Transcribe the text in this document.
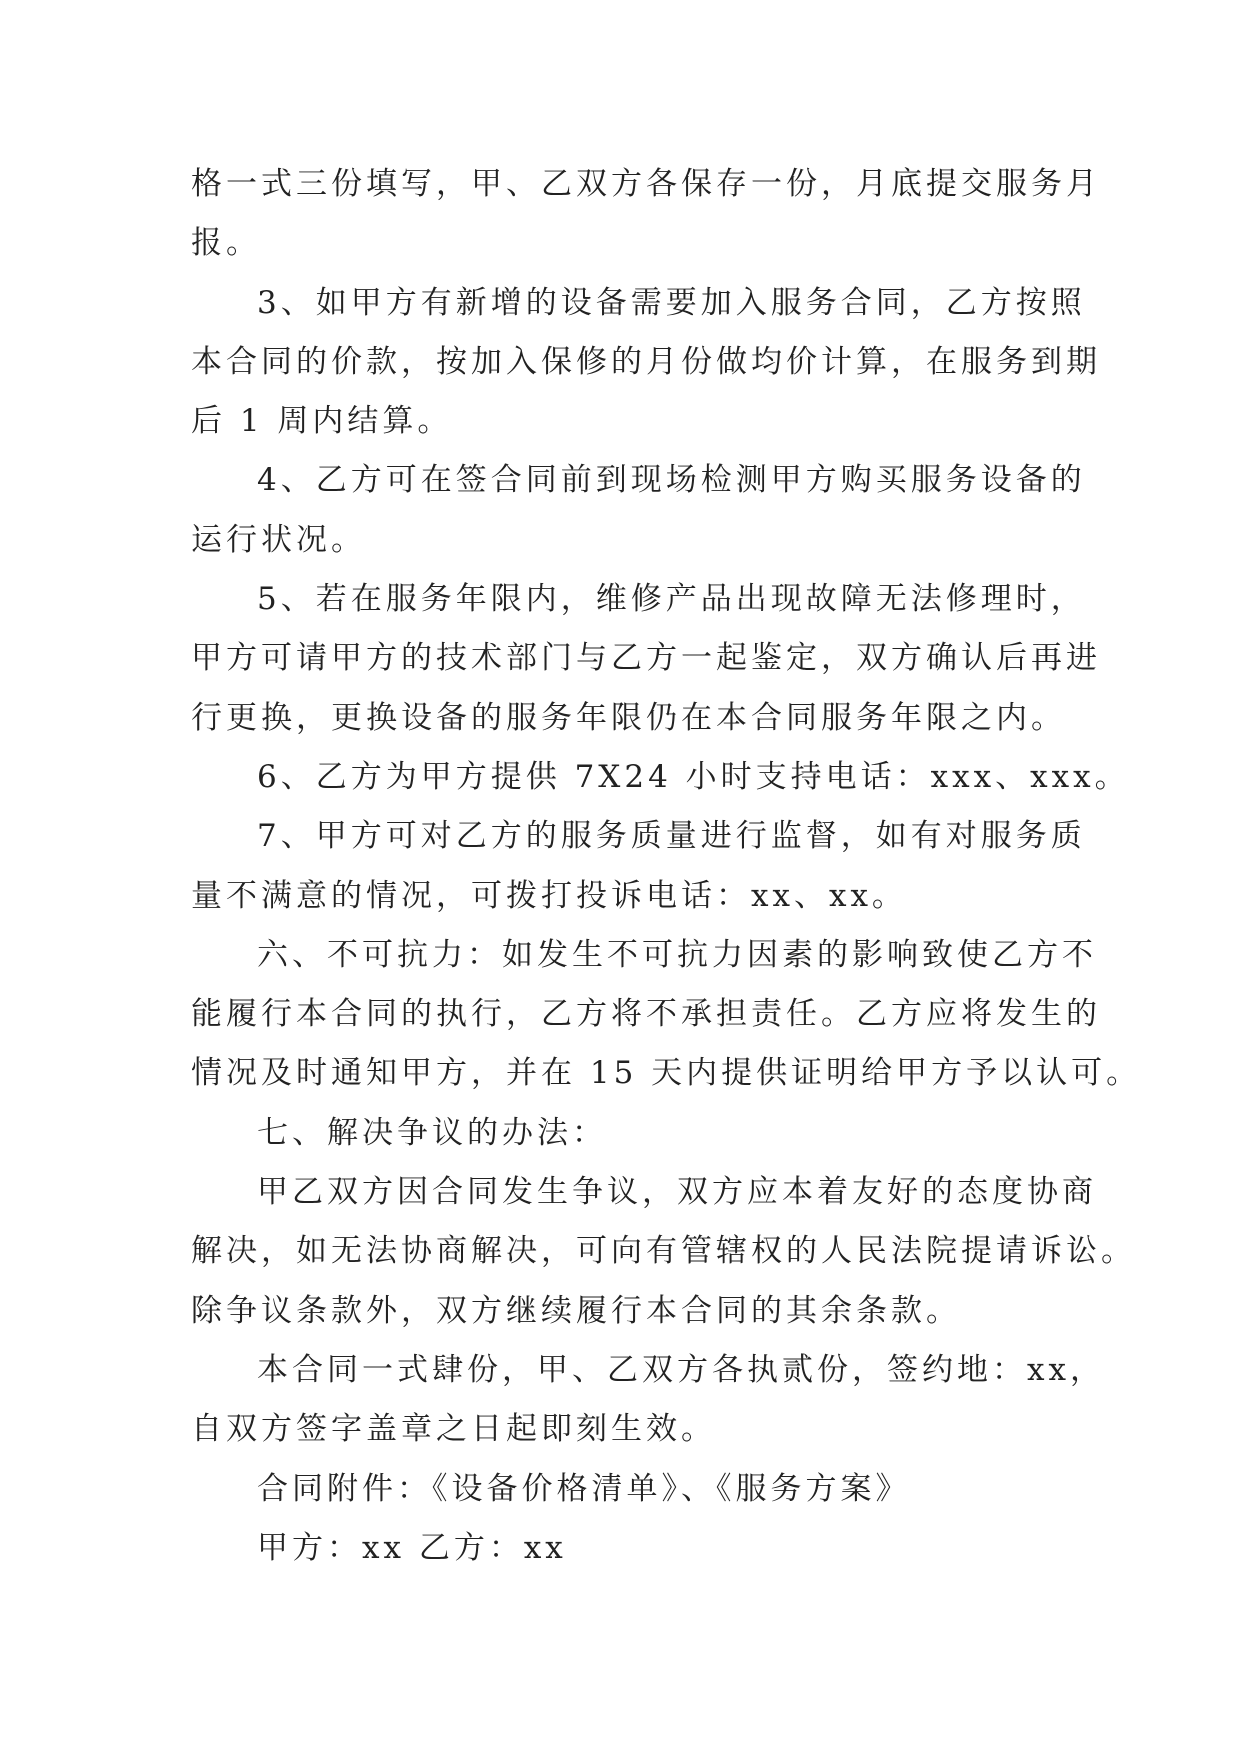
格一式三份填写，甲、乙双方各保存一份，月底提交服务月
报。

3、如甲方有新增的设备需要加入服务合同，乙方按照
本合同的价款，按加入保修的月份做均价计算，在服务到期
后 1 周内结算。

4、乙方可在签合同前到现场检测甲方购买服务设备的
运行状况。

5、若在服务年限内，维修产品出现故障无法修理时，
甲方可请甲方的技术部门与乙方一起鉴定，双方确认后再进
行更换，更换设备的服务年限仍在本合同服务年限之内。

6、乙方为甲方提供 7X24 小时支持电话：xxx、xxx。

7、甲方可对乙方的服务质量进行监督，如有对服务质
量不满意的情况，可拨打投诉电话：xx、xx。

六、不可抗力：如发生不可抗力因素的影响致使乙方不
能履行本合同的执行，乙方将不承担责任。乙方应将发生的
情况及时通知甲方，并在 15 天内提供证明给甲方予以认可。

七、解决争议的办法：

甲乙双方因合同发生争议，双方应本着友好的态度协商
解决，如无法协商解决，可向有管辖权的人民法院提请诉讼。
除争议条款外，双方继续履行本合同的其余条款。

本合同一式肆份，甲、乙双方各执贰份，签约地：xx，
自双方签字盖章之日起即刻生效。

合同附件：《设备价格清单》、《服务方案》

甲方：xx 乙方：xx
